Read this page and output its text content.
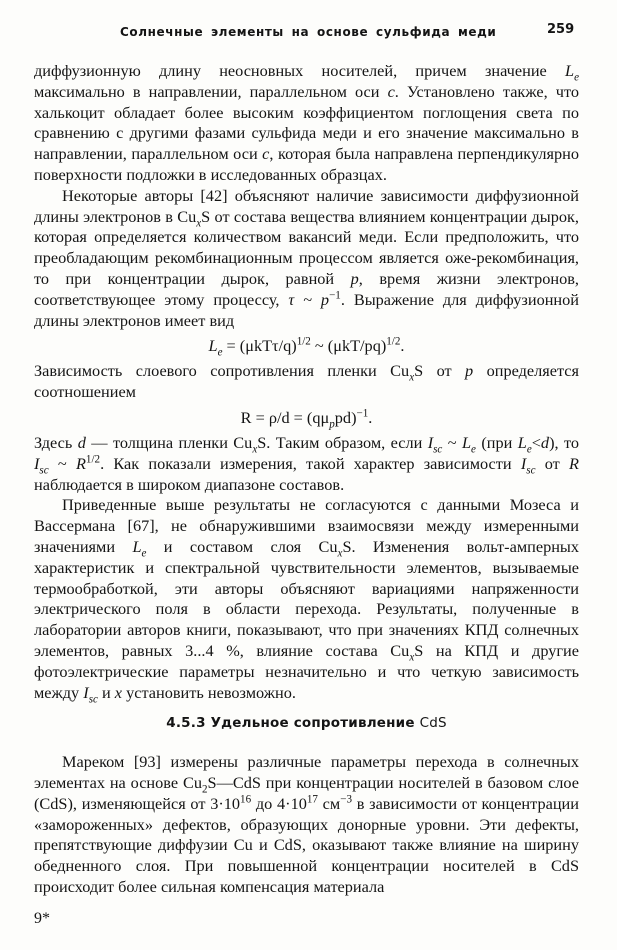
Солнечные элементы на основе сульфида меди	259

диффузионную длину неосновных носителей, причем значение $L_e$ максимально в направлении, параллельном оси c. Установлено также, что халькоцит обладает более высоким коэффициентом поглощения света по сравнению с другими фазами сульфида меди и его значение максимально в направлении, параллельном оси c, которая была направлена перпендикулярно поверхности подложки в исследованных образцах.

Некоторые авторы [42] объясняют наличие зависимости диффузионной длины электронов в $Cu_xS$ от состава вещества влиянием концентрации дырок, которая определяется количеством вакансий меди. Если предположить, что преобладающим рекомбинационным процессом является оже-рекомбинация, то при концентрации дырок, равной p, время жизни электронов, соответствующее этому процессу, τ ~ $p^{-1}$. Выражение для диффузионной длины электронов имеет вид

$L_e = (\mu kT\tau/q)^{1/2}$ ~ $(\mu kT/pq)^{1/2}$.

Зависимость слоевого сопротивления пленки $Cu_xS$ от p определяется соотношением

$R = \rho/d = (q\mu_ppd)^{-1}$.

Здесь d — толщина пленки $Cu_xS$. Таким образом, если $I_{sc}$ ~ $L_e$ (при $L_e<d$), то $I_{sc}$ ~ $R^{1/2}$. Как показали измерения, такой характер зависимости $I_{sc}$ от R наблюдается в широком диапазоне составов.

Приведенные выше результаты не согласуются с данными Мозеса и Вассермана [67], не обнаружившими взаимосвязи между измеренными значениями $L_e$ и составом слоя $Cu_xS$. Изменения вольт-амперных характеристик и спектральной чувствительности элементов, вызываемые термообработкой, эти авторы объясняют вариациями напряженности электрического поля в области перехода. Результаты, полученные в лаборатории авторов книги, показывают, что при значениях КПД солнечных элементов, равных 3...4 %, влияние состава $Cu_xS$ на КПД и другие фотоэлектрические параметры незначительно и что четкую зависимость между $I_{sc}$ и x установить невозможно.

4.5.3 Удельное сопротивление CdS

Мареком [93] измерены различные параметры перехода в солнечных элементах на основе $Cu_2S—CdS$ при концентрации носителей в базовом слое (CdS), изменяющейся от $3\cdot 10^{16}$ до $4\cdot 10^{17}$ $см^{-3}$ в зависимости от концентрации «замороженных» дефектов, образующих донорные уровни. Эти дефекты, препятствующие диффузии Cu и CdS, оказывают также влияние на ширину обедненного слоя. При повышенной концентрации носителей в CdS происходит более сильная компенсация материала

9*
